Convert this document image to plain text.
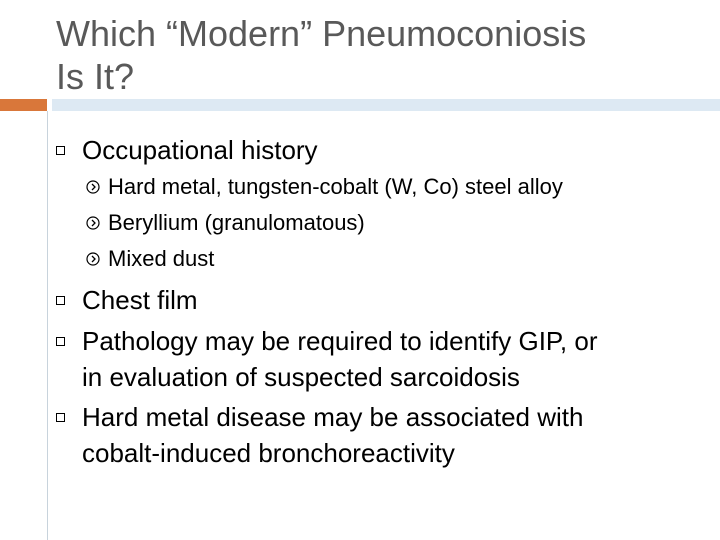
Which “Modern” Pneumoconiosis
Is It?
Occupational history
Hard metal, tungsten-cobalt (W, Co) steel alloy
Beryllium (granulomatous)
Mixed dust
Chest film
Pathology may be required to identify GIP, or
in evaluation of suspected sarcoidosis
Hard metal disease may be associated with
cobalt-induced bronchoreactivity
